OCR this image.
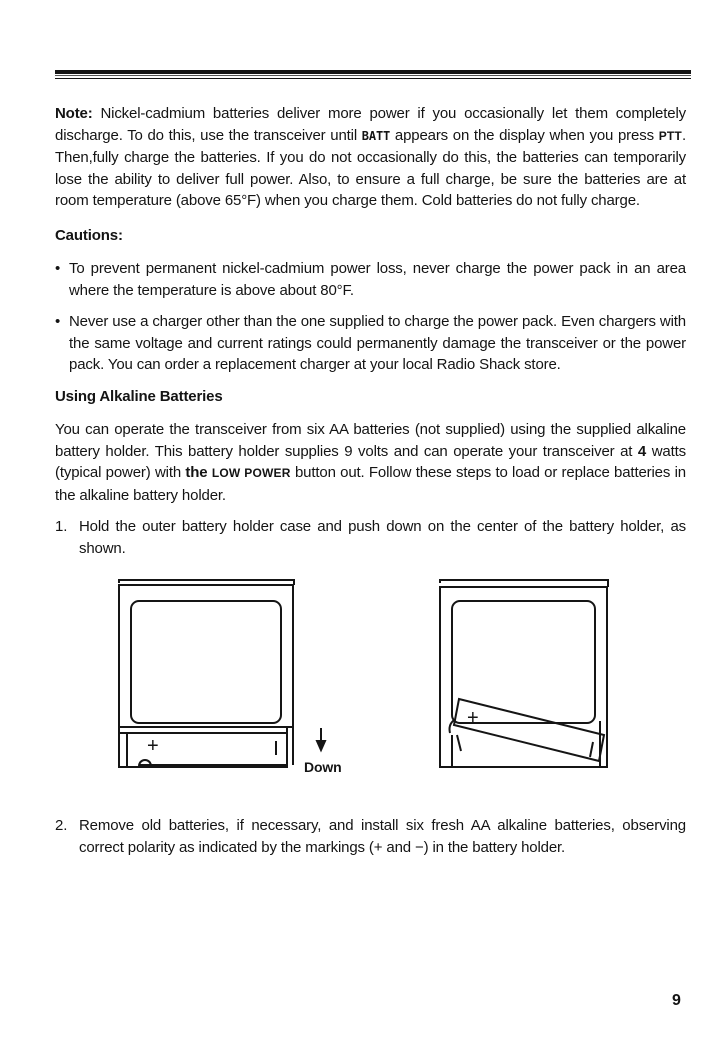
Note: Nickel-cadmium batteries deliver more power if you occasionally let them completely discharge. To do this, use the transceiver until BATT appears on the display when you press PTT. Then,fully charge the batteries. If you do not occasionally do this, the batteries can temporarily lose the ability to deliver full power. Also, to ensure a full charge, be sure the batteries are at room temperature (above 65°F) when you charge them. Cold batteries do not fully charge.

Cautions:

• To prevent permanent nickel-cadmium power loss, never charge the power pack in an area where the temperature is above about 80°F.
• Never use a charger other than the one supplied to charge the power pack. Even chargers with the same voltage and current ratings could permanently damage the transceiver or the power pack. You can order a replacement charger at your local Radio Shack store.

Using Alkaline Batteries

You can operate the transceiver from six AA batteries (not supplied) using the supplied alkaline battery holder. This battery holder supplies 9 volts and can operate your transceiver at 4 watts (typical power) with the LOW POWER button out. Follow these steps to load or replace batteries in the alkaline battery holder.

1. Hold the outer battery holder case and push down on the center of the battery holder, as shown.
+
Down
+
2. Remove old batteries, if necessary, and install six fresh AA alkaline batteries, observing correct polarity as indicated by the markings (+ and −) in the battery holder.
9
